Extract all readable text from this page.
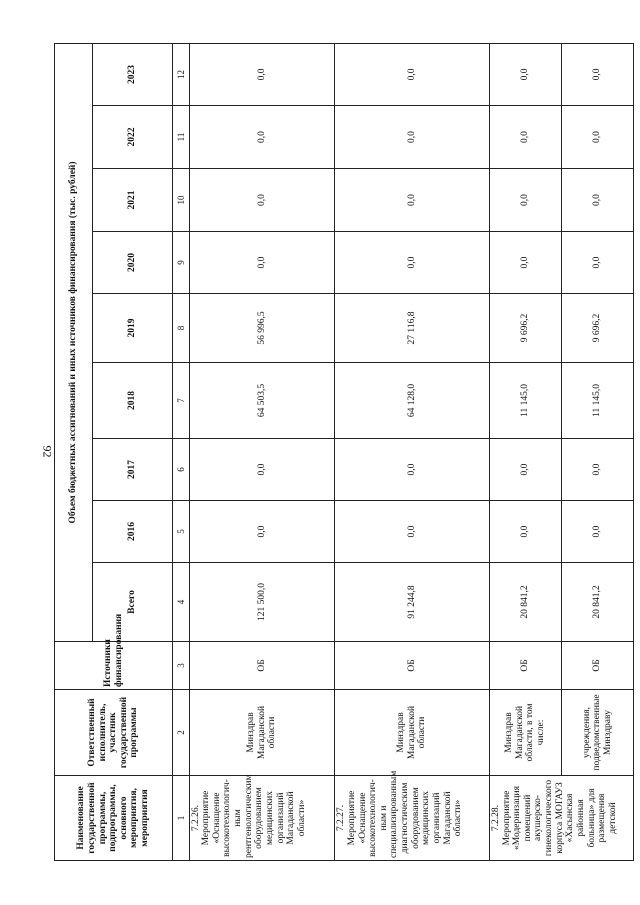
92
Наименование государственной программы, подпрограммы, основного мероприятия, мероприятия	Ответственный исполнитель, участник государственной программы	Источники финансирования	Объем бюджетных ассигнований и иных источников финансирования (тыс. рублей)								
			Всего	2016	2017	2018	2019	2020	2021	2022	2023
1	2	3	4	5	6	7	8	9	10	11	12
7.2.26. Мероприятие «Оснащение высокотехнологич-ным рентгенологическим оборудованием медицинских организаций Магаданской области»	Минздрав Магаданской области	ОБ	121 500,0	0,0	0,0	64 503,5	56 996,5	0,0	0,0	0,0	0,0
7.2.27. Мероприятие «Оснащение высокотехнологич-ным и специализированным диагностическим оборудованием медицинских организаций Магаданской области»	Минздрав Магаданской области	ОБ	91 244,8	0,0	0,0	64 128,0	27 116,8	0,0	0,0	0,0	0,0
7.2.28. Мероприятие «Модернизация помещений акушерско-гинекологического корпуса МОГАУЗ «Хасынская районная больница» для размещения детской	Минздрав Магаданской области, в том числе:	ОБ	20 841,2	0,0	0,0	11 145,0	9 696,2	0,0	0,0	0,0	0,0
	учреждения, подведомственные Минздраву	ОБ	20 841,2	0,0	0,0	11 145,0	9 696,2	0,0	0,0	0,0	0,0
